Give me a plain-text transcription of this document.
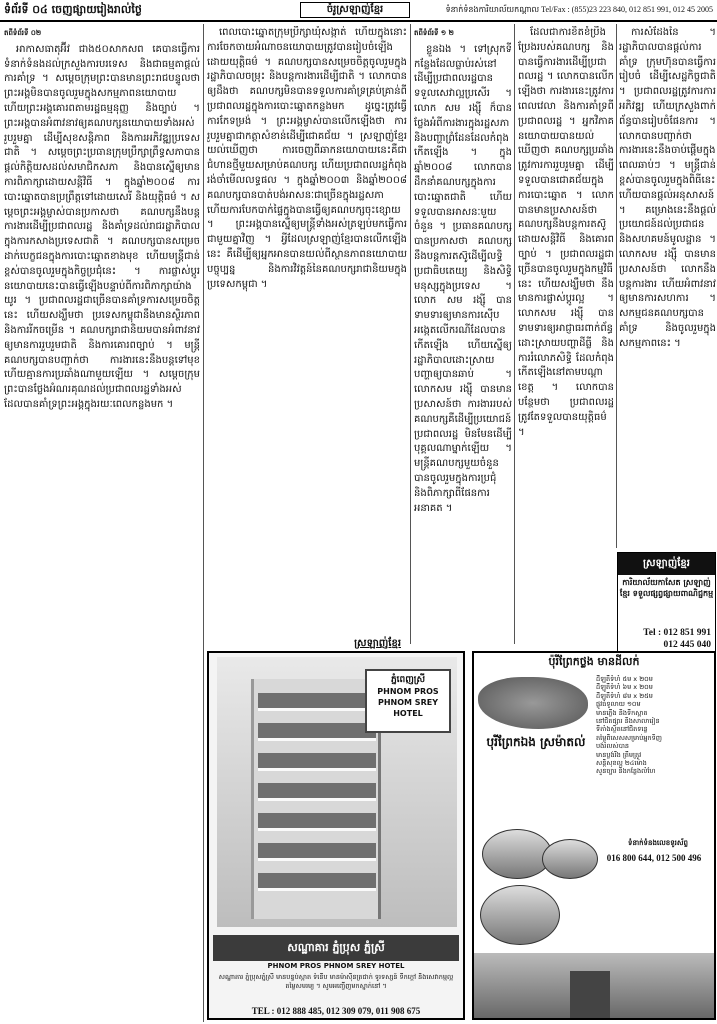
ទំព័រទី ០៤ ចេញផ្សាយរៀងរាល់ថ្ងៃ	ចំរូស្រឡាញ់ខ្មែរ	ទំនាក់ទំនងការិយាល័យកណ្តាល Tel/Fax : (855)23 223 840, 012 851 991, 012 45 2005
តពីទំព័រទី ០២

អាកាសធាតុអ៊ីវ ជាង៥០សាកសព គេបានធ្វើការទំនាក់ទំនងដល់ក្រសួងការបរទេស និងជាធម្មតាផ្តល់ការគាំទ្រ ។ សម្តេចក្រុមព្រះបានមានព្រះរាជបន្ទូលថា ព្រះអង្គមិនបានចូលរួមក្នុងសកម្មភាពនយោបាយ ហើយព្រះអង្គគោរពតាមរដ្ឋធម្មនុញ្ញ និងច្បាប់ ។ ព្រះអង្គបានអំពាវនាវឲ្យគណបក្សនយោបាយទាំងអស់រួបរួមគ្នា ដើម្បីសុខសន្តិភាព និងការអភិវឌ្ឍប្រទេសជាតិ ។ សម្តេចព្រះប្រធានក្រុមប្រឹក្សាព្រឹទ្ធសភាបានផ្តល់កិត្តិយសដល់សមាជិកសភា និងបានស្នើឲ្យមានការពិភាក្សាដោយសន្តិវិធី ។ ក្នុងឆ្នាំ២០០៨ ការបោះឆ្នោតបានប្រព្រឹត្តទៅដោយសេរី និងយុត្តិធម៌ ។ សម្តេចព្រះអង្គម្ចាស់បានប្រកាសថា គណបក្សនឹងបន្តការងារដើម្បីប្រជាពលរដ្ឋ និងគាំទ្រដល់រាជរដ្ឋាភិបាលក្នុងការកសាងប្រទេសជាតិ ។ គណបក្សបានសម្រេចដាក់បេក្ខជនក្នុងការបោះឆ្នោតខាងមុខ ហើយមន្ត្រីជាន់ខ្ពស់បានចូលរួមក្នុងកិច្ចប្រជុំនេះ ។ ការផ្លាស់ប្តូរនយោបាយនេះបានធ្វើឡើងបន្ទាប់ពីការពិភាក្សាយ៉ាងយូរ ។ ប្រជាពលរដ្ឋជាច្រើនបានគាំទ្រការសម្រេចចិត្តនេះ ហើយសង្ឃឹមថា ប្រទេសកម្ពុជានឹងមានស្ថិរភាព និងការរីកចម្រើន ។ គណបក្សរាជានិយមបានអំពាវនាវឲ្យមានការរួបរួមជាតិ និងការគោរពច្បាប់ ។ មន្ត្រីគណបក្សបានបញ្ជាក់ថា ការងារនេះនឹងបន្តទៅមុខ ហើយគ្មានការប្រឆាំងណាមួយឡើយ ។ សម្តេចក្រុមព្រះបានថ្លែងអំណរគុណដល់ប្រជាពលរដ្ឋទាំងអស់ ដែលបានគាំទ្រព្រះអង្គក្នុងរយៈពេលកន្លងមក ។

ពេលបោះឆ្នោតក្រុមប្រឹក្សាឃុំសង្កាត់ ហើយក្នុងនោះការចែកចាយអំណាចនយោបាយត្រូវបានរៀបចំឡើងដោយយុត្តិធម៌ ។ គណបក្សបានសម្រេចចិត្តចូលរួមក្នុងរដ្ឋាភិបាលចម្រុះ និងបន្តការងារដើម្បីជាតិ ។ លោកបានឲ្យដឹងថា គណបក្សមិនបានទទួលការគាំទ្រគ្រប់គ្រាន់ពីប្រជាពលរដ្ឋក្នុងការបោះឆ្នោតកន្លងមក ដូច្នេះត្រូវធ្វើការកែទម្រង់ ។ ព្រះអង្គម្ចាស់បានលើកឡើងថា ការរួបរួមគ្នាជាកត្តាសំខាន់ដើម្បីជោគជ័យ ។ ស្រឡាញ់ខ្មែរយល់ឃើញថា ការចេញពីឆាកនយោបាយនេះគឺជាជំហានថ្មីមួយសម្រាប់គណបក្ស ហើយប្រជាពលរដ្ឋកំពុងរង់ចាំមើលលទ្ធផល ។ ក្នុងឆ្នាំ២០០៣ និងឆ្នាំ២០០៨ គណបក្សបានបាត់បង់អាសនៈជាច្រើនក្នុងរដ្ឋសភា ហើយការបែកបាក់ផ្ទៃក្នុងបានធ្វើឲ្យគណបក្សចុះខ្សោយ ។ ព្រះអង្គបានស្នើឲ្យមន្ត្រីទាំងអស់ត្រឡប់មកធ្វើការជាមួយគ្នាវិញ ។ អ្វីដែលស្រឡាញ់ខ្មែរបានលើកឡើងនេះ គឺដើម្បីឲ្យអ្នកអានបានយល់ពីស្ថានភាពនយោបាយបច្ចុប្បន្ន និងការវិវត្តន៍នៃគណបក្សរាជានិយមក្នុងប្រទេសកម្ពុជា ។

ស្រឡាញ់ខ្មែរ
តពីទំព័រទី ១ ២

ខ្លួនឯង ។ ទៅស្រុកទីកន្លែងដែលធ្លាប់រស់នៅ ដើម្បីប្រជាពលរដ្ឋបានទទួលសេវាល្អប្រសើរ ។ លោក សម រង្ស៊ី ក៏បានថ្លែងអំពីការងារក្នុងរដ្ឋសភា និងបញ្ហាព្រំដែនដែលកំពុងកើតឡើង ។ ក្នុងឆ្នាំ២០០៨ លោកបានដឹកនាំគណបក្សក្នុងការបោះឆ្នោតជាតិ ហើយទទួលបានអាសនៈមួយចំនួន ។ ប្រធានគណបក្សបានប្រកាសថា គណបក្សនឹងបន្តការតស៊ូដើម្បីលទ្ធិប្រជាធិបតេយ្យ និងសិទ្ធិមនុស្សក្នុងប្រទេស ។ លោក សម រង្ស៊ី បានទាមទារឲ្យមានការស៊ើបអង្កេតលើករណីដែលបានកើតឡើង ហើយស្នើឲ្យរដ្ឋាភិបាលដោះស្រាយបញ្ហាឲ្យបានឆាប់ ។ លោកសម រង្ស៊ី បានមានប្រសាសន៍ថា ការងាររបស់គណបក្សគឺដើម្បីប្រយោជន៍ប្រជាពលរដ្ឋ មិនមែនដើម្បីបុគ្គលណាម្នាក់ឡើយ ។ មន្ត្រីគណបក្សមួយចំនួនបានចូលរួមក្នុងការប្រជុំ និងពិភាក្សាពីផែនការអនាគត ។

ដែលជាការខិតខំប្រឹងប្រែងរបស់គណបក្ស និងបានធ្វើការងារដើម្បីប្រជាពលរដ្ឋ ។ លោកបានលើកឡើងថា ការងារនេះត្រូវការពេលវេលា និងការគាំទ្រពីប្រជាពលរដ្ឋ ។ អ្នកវិភាគនយោបាយបានយល់ឃើញថា គណបក្សប្រឆាំងត្រូវការការរួបរួមគ្នា ដើម្បីទទួលបានជោគជ័យក្នុងការបោះឆ្នោត ។ លោកបានមានប្រសាសន៍ថា គណបក្សនឹងបន្តការតស៊ូដោយសន្តិវិធី និងគោរពច្បាប់ ។ ប្រជាពលរដ្ឋជាច្រើនបានចូលរួមក្នុងកម្មវិធីនេះ ហើយសង្ឃឹមថា នឹងមានការផ្លាស់ប្តូរល្អ ។ លោកសម រង្ស៊ី បានទាមទារឲ្យអាជ្ញាធរពាក់ព័ន្ធដោះស្រាយបញ្ហាដីធ្លី និងការរំលោភសិទ្ធិ ដែលកំពុងកើតឡើងនៅតាមបណ្តាខេត្ត ។ លោកបានបន្ថែមថា ប្រជាពលរដ្ឋត្រូវតែទទួលបានយុត្តិធម៌ ។

ការសំដែងនៃ ។ រដ្ឋាភិបាលបានផ្តល់ការគាំទ្រ ក្រុមហ៊ុនបានធ្វើការរៀបចំ ដើម្បីសេដ្ឋកិច្ចជាតិ ។ ប្រជាពលរដ្ឋត្រូវការការអភិវឌ្ឍ ហើយក្រសួងពាក់ព័ន្ធបានរៀបចំផែនការ ។ លោកបានបញ្ជាក់ថា ការងារនេះនឹងចាប់ផ្តើមក្នុងពេលឆាប់ៗ ។ មន្ត្រីជាន់ខ្ពស់បានចូលរួមក្នុងពិធីនេះ ហើយបានផ្តល់អនុសាសន៍ ។ គម្រោងនេះនឹងផ្តល់ប្រយោជន៍ដល់ប្រជាជន និងសហគមន៍មូលដ្ឋាន ។ លោកសម រង្ស៊ី បានមានប្រសាសន៍ថា លោកនឹងបន្តការងារ ហើយអំពាវនាវឲ្យមានការសហការ ។ សកម្មជនគណបក្សបានគាំទ្រ និងចូលរួមក្នុងសកម្មភាពនេះ ។

ស្រឡាញ់ខ្មែរ
ការិយាល័យកាសែត ស្រឡាញ់ខ្មែរ ទទួលផ្សព្វផ្សាយពាណិជ្ជកម្ម
Tel : 012 851 991
012 445 040
ភ្នំពេញស្រី
PHNOM PROS
PHNOM SREY
HOTEL
សណ្ឋាគារ ភ្នំប្រុស ភ្នំស្រី
PHNOM PROS PHNOM SREY HOTEL
សណ្ឋាគារ ភ្នំប្រុសភ្នំស្រី មានបន្ទប់ស្អាត ទំនើប មានម៉ាស៊ីនត្រជាក់ ទូរទស្សន៍ ទឹកក្តៅ និងសេវាកម្មល្អ តម្លៃសមរម្យ ។ សូមអញ្ជើញមកស្នាក់នៅ ។
TEL : 012 888 485, 012 309 079, 011 908 675
ប៉ុរីព្រែកថ្លង មានដីលក់
បុរីព្រែកឯង ស្រម៉ាតល់
ដីឡូតិ៍ទំហំ ៥ម x ២០ម
ដីឡូតិ៍ទំហំ ៦ម x ២០ម
ដីឡូតិ៍ទំហំ ៨ម x ២៥ម
ផ្លូវធំទូលាយ ១០ម
មានភ្លើង និងទឹកស្អាត
នៅជិតផ្សារ និងសាលារៀន
ទីតាំងស្ថិតនៅជិតទន្លេ
តម្លៃពិសេសសម្រាប់អ្នកទិញ
បង់រំលស់បាន
មានប្លង់រឹង ត្រឹមត្រូវ
សន្តិសុខល្អ ២៤ម៉ោង
សួនច្បារ និងកន្លែងលំហែ
ទំនាក់ទំនងលេខទូរស័ព្ទ
016 800 644, 012 500 496
